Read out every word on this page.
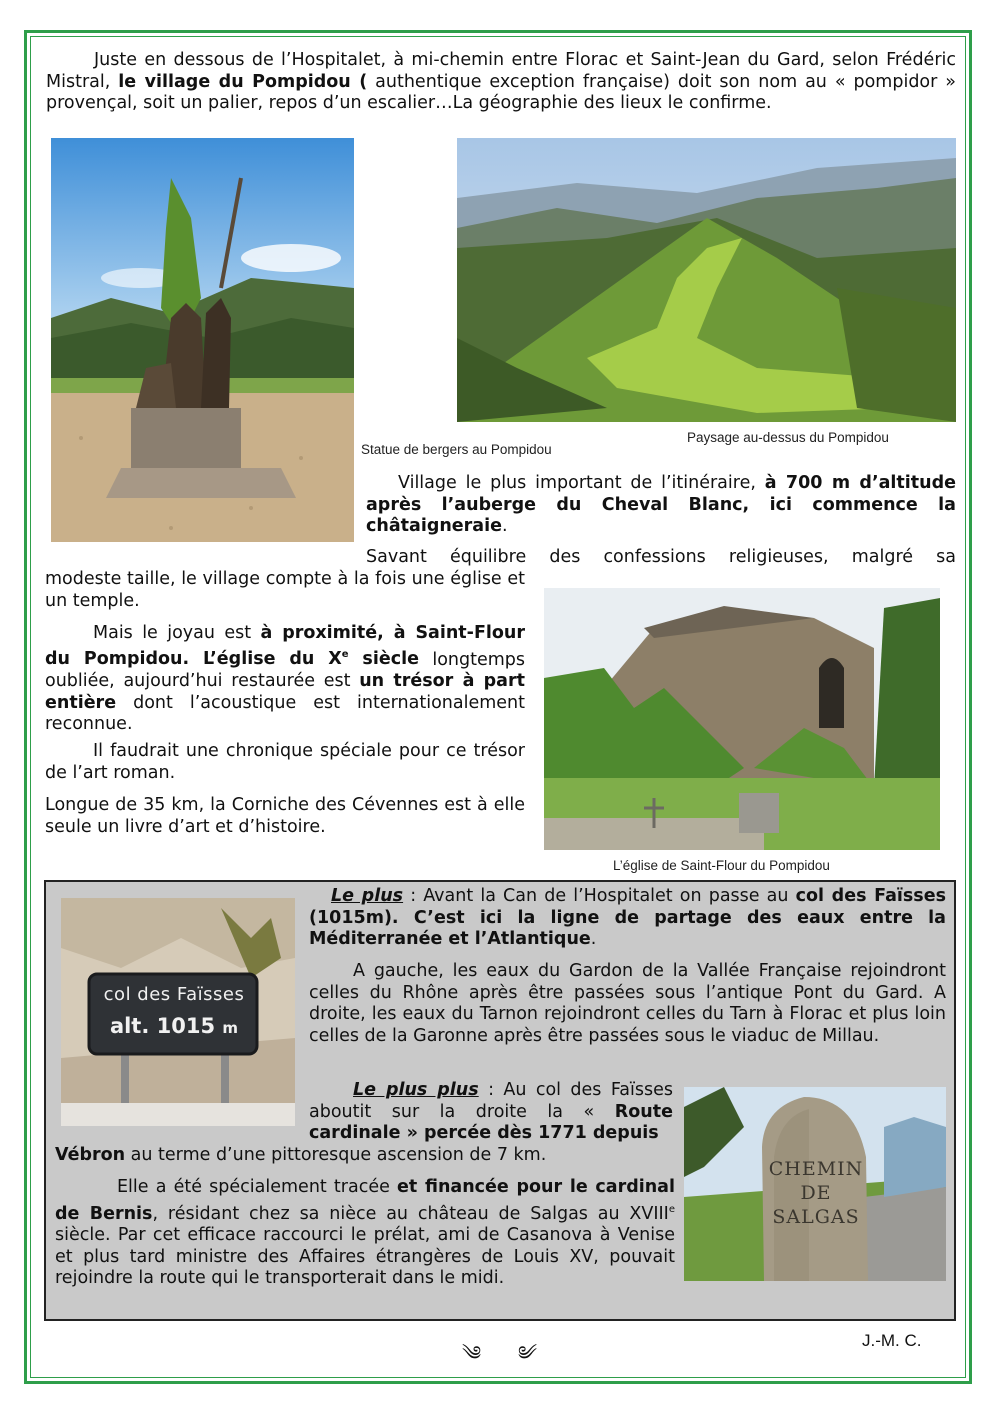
Juste en dessous de l’Hospitalet, à mi-chemin entre Florac et Saint-Jean du Gard, selon Frédéric Mistral, le village du Pompidou ( authentique exception française) doit son nom au « pompidor » provençal, soit un palier, repos d’un escalier…La géographie des lieux le confirme.
Statue de bergers au Pompidou
Paysage au-dessus du Pompidou
Village le plus important de l’itinéraire, à 700 m d’altitude après l’auberge du Cheval Blanc, ici commence la châtaigneraie.
Savant équilibre des confessions religieuses, malgré sa
modeste taille, le village compte à la fois une église et un temple.
Mais le joyau est à proximité, à Saint-Flour du Pompidou. L’église du Xe siècle longtemps oubliée, aujourd’hui restaurée est un trésor à part entière dont l’acoustique est internationalement reconnue.
Il faudrait une chronique spéciale pour ce trésor de l’art roman.
Longue de 35 km, la Corniche des Cévennes est à elle seule un livre d’art et d’histoire.
L’église de Saint-Flour du Pompidou
col des Faïsses
alt. 1015 m
Le plus : Avant la Can de l’Hospitalet on passe au col des Faïsses (1015m). C’est ici la ligne de partage des eaux entre la Méditerranée et l’Atlantique.
A gauche, les eaux du Gardon de la Vallée Française rejoindront celles du Rhône après être passées sous l’antique Pont du Gard. A droite, les eaux du Tarnon rejoindront celles du Tarn à Florac et plus loin celles de la Garonne après être passées sous le viaduc de Millau.
Le plus plus : Au col des Faïsses aboutit sur la droite la « Route cardinale » percée dès 1771 depuis
Vébron au terme d’une pittoresque ascension de 7 km.
Elle a été spécialement tracée et financée pour le cardinal de Bernis, résidant chez sa nièce au château de Salgas au XVIIIe siècle. Par cet efficace raccourci le prélat, ami de Casanova à Venise et plus tard ministre des Affaires étrangères de Louis XV, pouvait rejoindre la route qui le transporterait dans le midi.
CHEMIN
DE
SALGAS
༄ ༄
J.-M. C.
